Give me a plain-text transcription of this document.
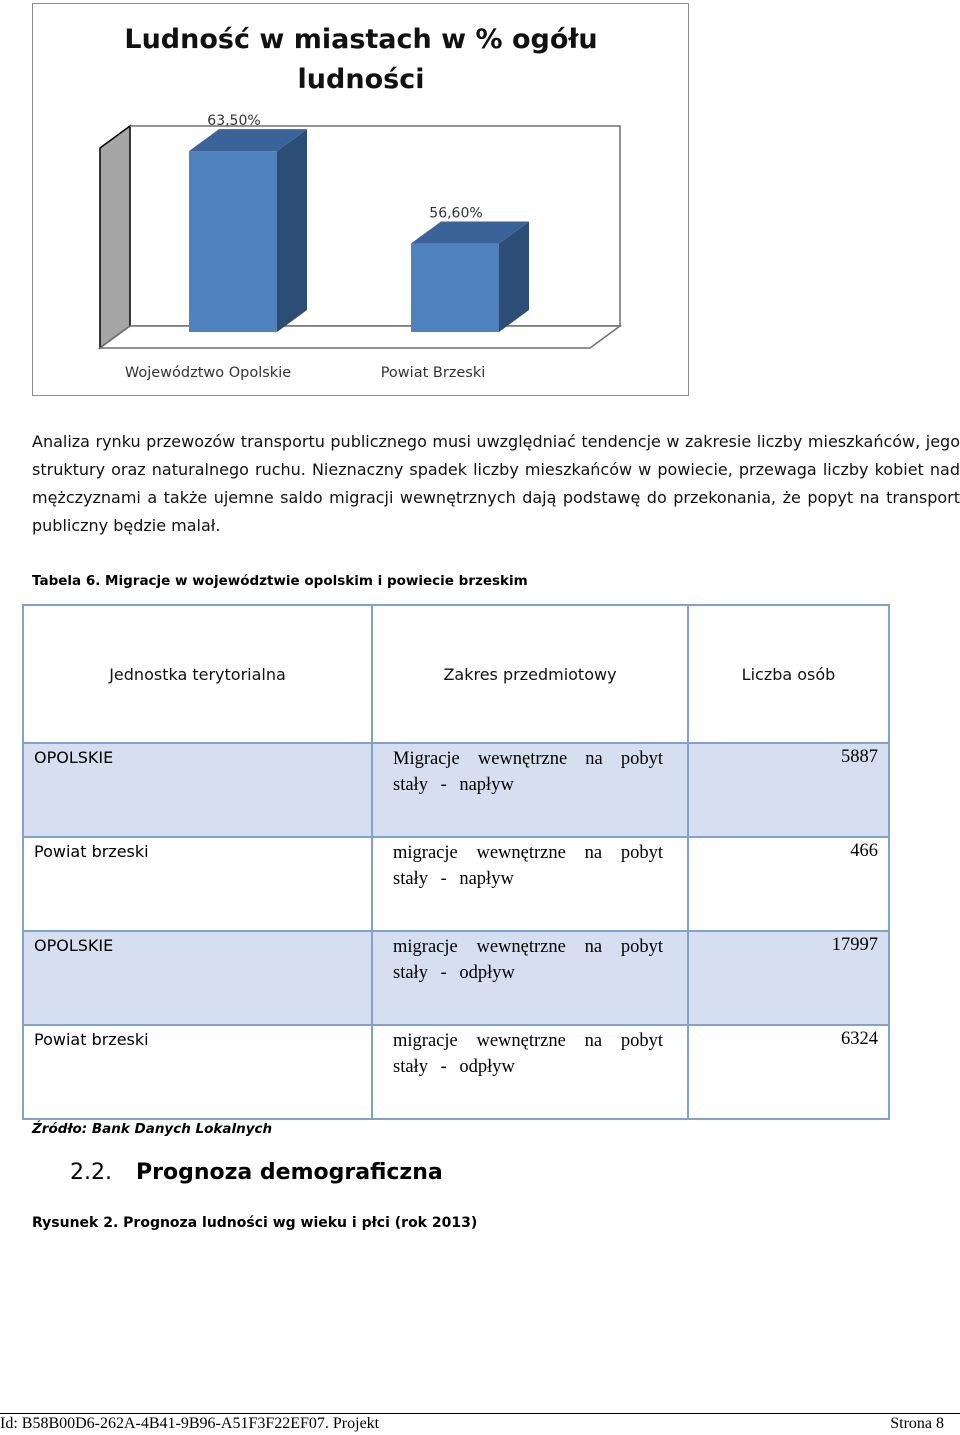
Ludność w miastach w % ogółu
ludności
63,50%
Województwo Opolskie
56,60%
Powiat Brzeski

Analiza rynku przewozów transportu publicznego musi uwzględniać tendencje w zakresie liczby mieszkańców, jego struktury oraz naturalnego ruchu. Nieznaczny spadek liczby mieszkańców w powiecie, przewaga liczby kobiet nad mężczyznami a także ujemne saldo migracji wewnętrznych dają podstawę do przekonania, że popyt na transport publiczny będzie malał.

Tabela 6. Migracje w województwie opolskim i powiecie brzeskim
Jednostka terytorialna	Zakres przedmiotowy	Liczba osób
OPOLSKIE	Migracje wewnętrzne na pobyt stały - napływ	5887
Powiat brzeski	migracje wewnętrzne na pobyt stały - napływ	466
OPOLSKIE	migracje wewnętrzne na pobyt stały - odpływ	17997
Powiat brzeski	migracje wewnętrzne na pobyt stały - odpływ	6324
Źródło: Bank Danych Lokalnych
2.2. Prognoza demograficzna
Rysunek 2. Prognoza ludności wg wieku i płci (rok 2013)
Id: B58B00D6-262A-4B41-9B96-A51F3F22EF07. Projekt	Strona 8
